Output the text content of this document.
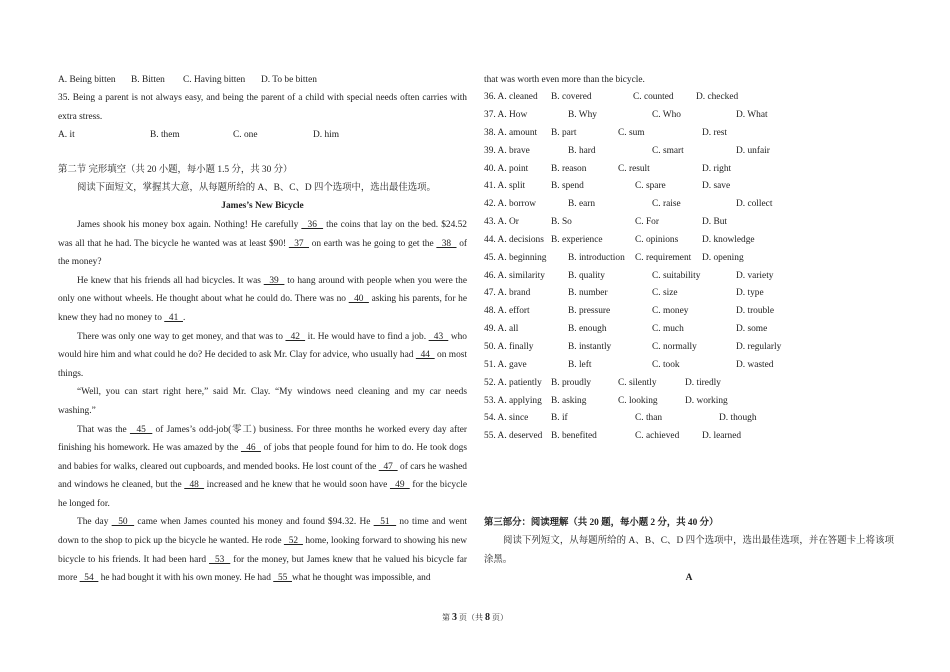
A. Being bitten	B. Bitten	C. Having bitten	D. To be bitten

35. Being a parent is not always easy, and being the parent of a child with special needs often carries with extra stress.

A. it	B. them	C. one	D. him
第二节 完形填空（共 20 小题，每小题 1.5 分，共 30 分）
阅读下面短文，掌握其大意，从每题所给的 A、B、C、D 四个选项中，选出最佳选项。
James’s New Bicycle

James shook his money box again. Nothing! He carefully   36   the coins that lay on the bed. $24.52 was all that he had. The bicycle he wanted was at least $90!   37   on earth was he going to get the   38   of the money?

He knew that his friends all had bicycles. It was   39   to hang around with people when you were the only one without wheels. He thought about what he could do. There was no   40   asking his parents, for he knew they had no money to   41  .

There was only one way to get money, and that was to   42   it. He would have to find a job.   43   who would hire him and what could he do? He decided to ask Mr. Clay for advice, who usually had   44   on most things.

“Well, you can start right here,” said Mr. Clay. “My windows need cleaning and my car needs washing.”

That was the   45   of James’s odd-job(零工) business. For three months he worked every day after finishing his homework. He was amazed by the   46   of jobs that people found for him to do. He took dogs and babies for walks, cleared out cupboards, and mended books. He lost count of the   47   of cars he washed and windows he cleaned, but the   48   increased and he knew that he would soon have   49   for the bicycle he longed for.

The day   50   came when James counted his money and found $94.32. He   51   no time and went down to the shop to pick up the bicycle he wanted. He rode   52   home, looking forward to showing his new bicycle to his friends. It had been hard   53   for the money, but James knew that he valued his bicycle far more   54   he had bought it with his own money. He had   55  what he thought was impossible, and

that was worth even more than the bicycle.
36. A. cleaned	B. covered	C. counted	D. checked
37. A. How	B. Why	C. Who	D. What
38. A. amount	B. part	C. sum	D. rest
39. A. brave	B. hard	C. smart	D. unfair
40. A. point	B. reason	C. result	D. right
41. A. split	B. spend	C. spare	D. save
42. A. borrow	B. earn	C. raise	D. collect
43. A. Or	B. So	C. For	D. But
44. A. decisions B. experience	C. opinions	D. knowledge
45. A. beginning	B. introduction	C. requirement	D. opening
46. A. similarity	B. quality	C. suitability	D. variety
47. A. brand	B. number	C. size	D. type
48. A. effort	B. pressure	C. money	D. trouble
49. A. all	B. enough	C. much	D. some
50. A. finally	B. instantly	C. normally	D. regularly
51. A. gave	B. left	C. took	D. wasted
52. A. patiently B. proudly	C. silently	D. tiredly
53. A. applying B. asking	C. looking	D. working
54. A. since	B. if	C. than	D. though
55. A. deserved B. benefited	C. achieved	D. learned
第三部分：阅读理解（共 20 题，每小题 2 分，共 40 分）

阅读下列短文，从每题所给的 A、B、C、D 四个选项中，选出最佳选项，并在答题卡上将该项涂黑。

A
第 3 页（共 8 页）
